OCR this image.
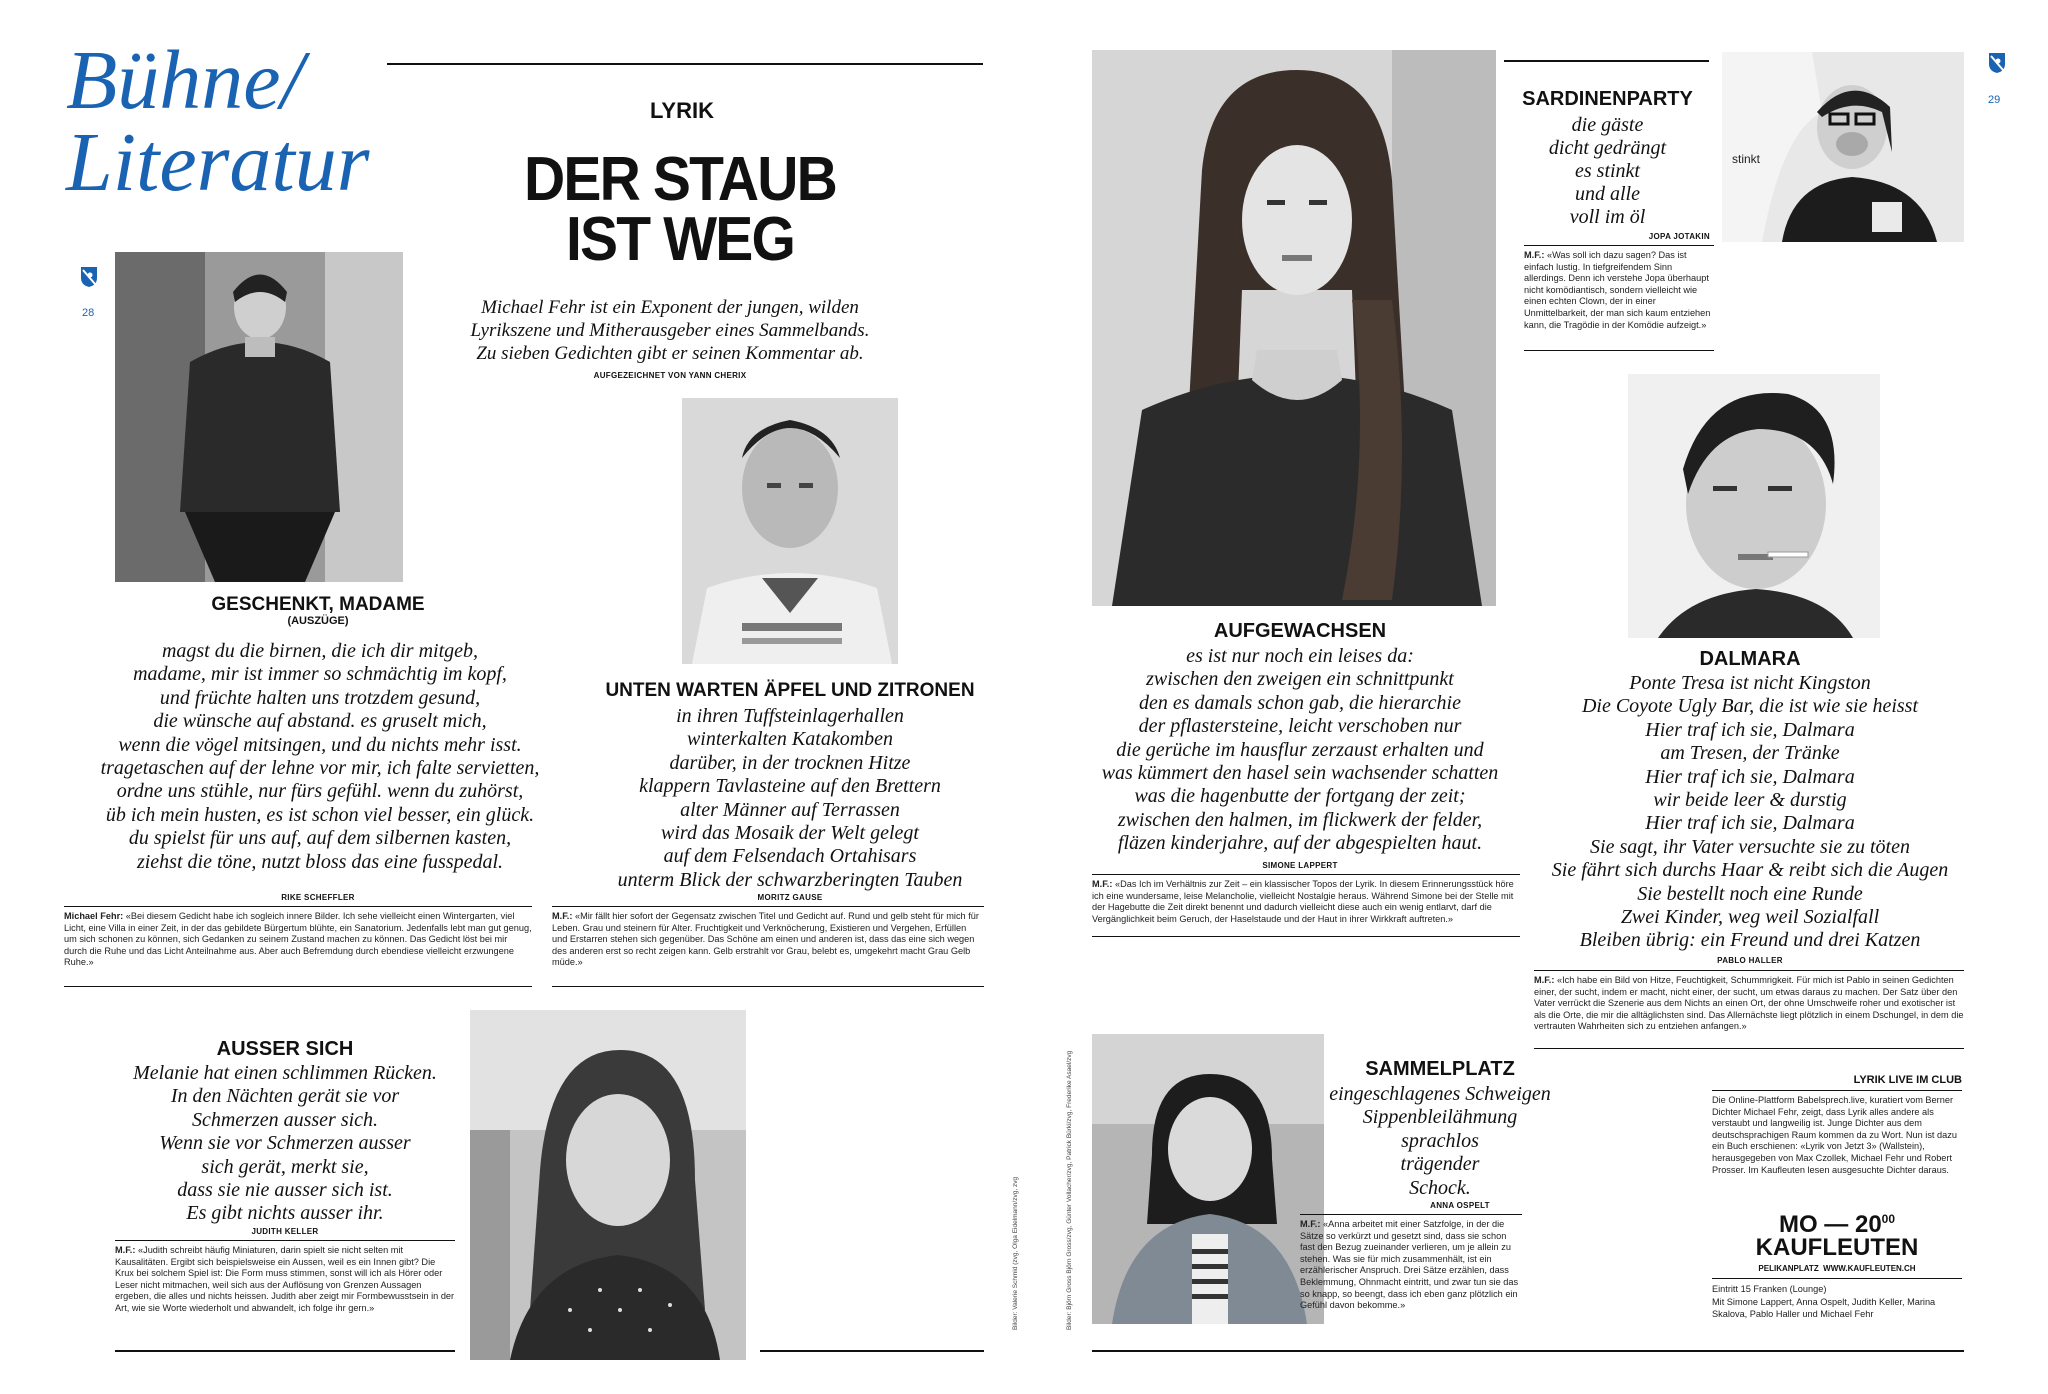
Bühne/
Literatur
28
LYRIK
DER STAUB
IST WEG
Michael Fehr ist ein Exponent der jungen, wilden
Lyrikszene und Mitherausgeber eines Sammelbands.
Zu sieben Gedichten gibt er seinen Kommentar ab.
AUFGEZEICHNET VON YANN CHERIX
GESCHENKT, MADAME
(AUSZÜGE)
magst du die birnen, die ich dir mitgeb,
madame, mir ist immer so schmächtig im kopf,
und früchte halten uns trotzdem gesund,
die wünsche auf abstand. es gruselt mich,
wenn die vögel mitsingen, und du nichts mehr isst.
tragetaschen auf der lehne vor mir, ich falte servietten,
ordne uns stühle, nur fürs gefühl. wenn du zuhörst,
üb ich mein husten, es ist schon viel besser, ein glück.
du spielst für uns auf, auf dem silbernen kasten,
ziehst die töne, nutzt bloss das eine fusspedal.
RIKE SCHEFFLER
Michael Fehr: «Bei diesem Gedicht habe ich sogleich innere Bilder. Ich sehe vielleicht einen Wintergarten, viel Licht, eine Villa in einer Zeit, in der das gebildete Bürgertum blühte, ein Sanatorium. Jedenfalls lebt man gut genug, um sich schonen zu können, sich Gedanken zu seinem Zustand machen zu können. Das Gedicht löst bei mir durch die Ruhe und das Licht Anteilnahme aus. Aber auch Befremdung durch ebendiese vielleicht erzwungene Ruhe.»
UNTEN WARTEN ÄPFEL UND ZITRONEN
in ihren Tuffsteinlagerhallen
winterkalten Katakomben
darüber, in der trocknen Hitze
klappern Tavlasteine auf den Brettern
alter Männer auf Terrassen
wird das Mosaik der Welt gelegt
auf dem Felsendach Ortahisars
unterm Blick der schwarzberingten Tauben
MORITZ GAUSE
M.F.: «Mir fällt hier sofort der Gegensatz zwischen Titel und Gedicht auf. Rund und gelb steht für mich für Leben. Grau und steinern für Alter. Fruchtigkeit und Verknöcherung, Existieren und Vergehen, Erfüllen und Erstarren stehen sich gegenüber. Das Schöne am einen und anderen ist, dass das eine sich wegen des anderen erst so recht zeigen kann. Gelb erstrahlt vor Grau, belebt es, umgekehrt macht Grau Gelb müde.»
AUSSER SICH
Melanie hat einen schlimmen Rücken.
In den Nächten gerät sie vor
Schmerzen ausser sich.
Wenn sie vor Schmerzen ausser
sich gerät, merkt sie,
dass sie nie ausser sich ist.
Es gibt nichts ausser ihr.
JUDITH KELLER
M.F.: «Judith schreibt häufig Miniaturen, darin spielt sie nicht selten mit Kausalitäten. Ergibt sich beispielsweise ein Aussen, weil es ein Innen gibt? Die Krux bei solchem Spiel ist: Die Form muss stimmen, sonst will ich als Hörer oder Leser nicht mitmachen, weil sich aus der Auflösung von Grenzen Aussagen ergeben, die alles und nichts heissen. Judith aber zeigt mir Formbewusstsein in der Art, wie sie Worte wiederholt und abwandelt, ich folge ihr gern.»	Bilder: Valerie Schmid (zvg, Olga Eidelmann/zvg, zvg	Bilder: Björn Gross Björn Gross/zvg, Günter Vollacher/zvg, Patrick Bürki/zvg, Frederike Asael/zvg
AUFGEWACHSEN
es ist nur noch ein leises da:
zwischen den zweigen ein schnittpunkt
den es damals schon gab, die hierarchie
der pflastersteine, leicht verschoben nur
die gerüche im hausflur zerzaust erhalten und
was kümmert den hasel sein wachsender schatten
was die hagenbutte der fortgang der zeit;
zwischen den halmen, im flickwerk der felder,
fläzen kinderjahre, auf der abgespielten haut.
SIMONE LAPPERT
M.F.: «Das Ich im Verhältnis zur Zeit – ein klassischer Topos der Lyrik. In diesem Erinnerungsstück höre ich eine wundersame, leise Melancholie, vielleicht Nostalgie heraus. Während Simone bei der Stelle mit der Hagebutte die Zeit direkt benennt und dadurch vielleicht diese auch ein wenig entlarvt, darf die Vergänglichkeit beim Geruch, der Haselstaude und der Haut in ihrer Wirkkraft auftreten.»
SARDINENPARTY
die gäste
dicht gedrängt
es stinkt
und alle
voll im öl
JOPA JOTAKIN
M.F.: «Was soll ich dazu sagen? Das ist einfach lustig. In tiefgreifendem Sinn allerdings. Denn ich verstehe Jopa überhaupt nicht komödiantisch, sondern vielleicht wie einen echten Clown, der in einer Unmittelbarkeit, der man sich kaum entziehen kann, die Tragödie in der Komödie aufzeigt.»
stinkt
29
DALMARA
Ponte Tresa ist nicht Kingston
Die Coyote Ugly Bar, die ist wie sie heisst
Hier traf ich sie, Dalmara
am Tresen, der Tränke
Hier traf ich sie, Dalmara
wir beide leer & durstig
Hier traf ich sie, Dalmara
Sie sagt, ihr Vater versuchte sie zu töten
Sie fährt sich durchs Haar & reibt sich die Augen
Sie bestellt noch eine Runde
Zwei Kinder, weg weil Sozialfall
Bleiben übrig: ein Freund und drei Katzen
PABLO HALLER
M.F.: «Ich habe ein Bild von Hitze, Feuchtigkeit, Schummrigkeit. Für mich ist Pablo in seinen Gedichten einer, der sucht, indem er macht, nicht einer, der sucht, um etwas daraus zu machen. Der Satz über den Vater verrückt die Szenerie aus dem Nichts an einen Ort, der ohne Umschweife roher und exotischer ist als die Orte, die mir die alltäglichsten sind. Das Allernächste liegt plötzlich in einem Dschungel, in dem die vertrauten Wahrheiten sich zu entziehen anfangen.»
SAMMELPLATZ
eingeschlagenes Schweigen
Sippenbleilähmung
sprachlos
trägender
Schock.
ANNA OSPELT
M.F.: «Anna arbeitet mit einer Satzfolge, in der die Sätze so verkürzt und gesetzt sind, dass sie schon fast den Bezug zueinander verlieren, um je allein zu stehen. Was sie für mich zusammenhält, ist ein erzählerischer Anspruch. Drei Sätze erzählen, dass Beklemmung, Ohnmacht eintritt, und zwar tun sie das so knapp, so beengt, dass ich eben ganz plötzlich ein Gefühl davon bekomme.»
LYRIK LIVE IM CLUB
Die Online-Plattform Babelsprech.live, kuratiert vom Berner Dichter Michael Fehr, zeigt, dass Lyrik alles andere als verstaubt und langweilig ist. Junge Dichter aus dem deutschsprachigen Raum kommen da zu Wort. Nun ist dazu ein Buch erschienen: «Lyrik von Jetzt 3» (Wallstein), herausgegeben von Max Czollek, Michael Fehr und Robert Prosser. Im Kaufleuten lesen ausgesuchte Dichter daraus.
MO — $20^{00}$
KAUFLEUTEN
PELIKANPLATZ WWW.KAUFLEUTEN.CH
Eintritt 15 Franken (Lounge)
Mit Simone Lappert, Anna Ospelt, Judith Keller, Marina Skalova, Pablo Haller und Michael Fehr
